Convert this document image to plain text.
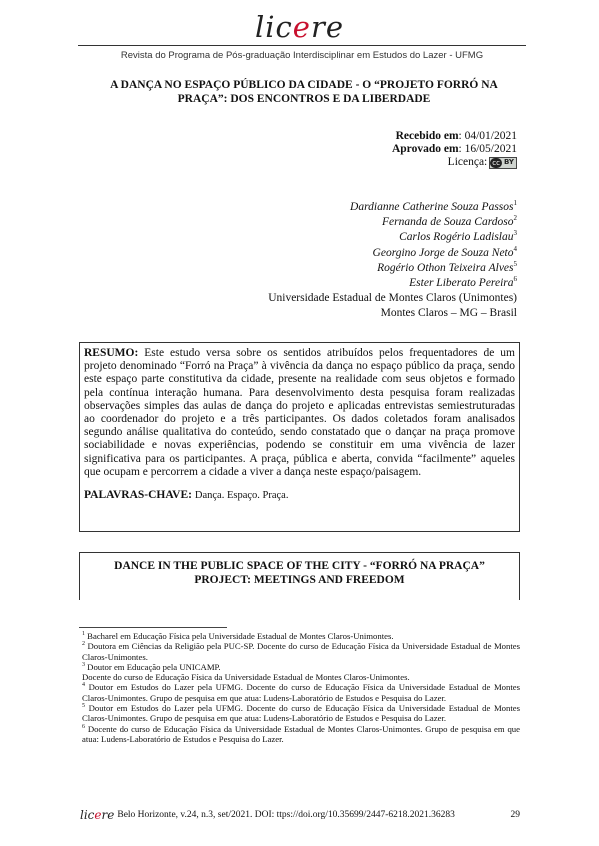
licere
Revista do Programa de Pós-graduação Interdisciplinar em Estudos do Lazer - UFMG
A DANÇA NO ESPAÇO PÚBLICO DA CIDADE - O “PROJETO FORRÓ NA
PRAÇA”: DOS ENCONTROS E DA LIBERDADE
Recebido em: 04/01/2021
Aprovado em: 16/05/2021
Licença: cc BY
Dardianne Catherine Souza Passos$^1$
Fernanda de Souza Cardoso$^2$
Carlos Rogério Ladislau$^3$
Georgino Jorge de Souza Neto$^4$
Rogério Othon Teixeira Alves$^5$
Ester Liberato Pereira$^6$
Universidade Estadual de Montes Claros (Unimontes)
Montes Claros – MG – Brasil
RESUMO: Este estudo versa sobre os sentidos atribuídos pelos frequentadores de um projeto denominado “Forró na Praça” à vivência da dança no espaço público da praça, sendo este espaço parte constitutiva da cidade, presente na realidade com seus objetos e formado pela contínua interação humana. Para desenvolvimento desta pesquisa foram realizadas observações simples das aulas de dança do projeto e aplicadas entrevistas semiestruturadas ao coordenador do projeto e a três participantes. Os dados coletados foram analisados segundo análise qualitativa do conteúdo, sendo constatado que o dançar na praça promove sociabilidade e novas experiências, podendo se constituir em uma vivência de lazer significativa para os participantes. A praça, pública e aberta, convida “facilmente” aqueles que ocupam e percorrem a cidade a viver a dança neste espaço/paisagem.
PALAVRAS-CHAVE: Dança. Espaço. Praça.
DANCE IN THE PUBLIC SPACE OF THE CITY - “FORRÓ NA PRAÇA”
PROJECT: MEETINGS AND FREEDOM
$^1$ Bacharel em Educação Física pela Universidade Estadual de Montes Claros-Unimontes.
$^2$ Doutora em Ciências da Religião pela PUC-SP. Docente do curso de Educação Física da Universidade Estadual de Montes Claros-Unimontes.
$^3$ Doutor em Educação pela UNICAMP.
Docente do curso de Educação Física da Universidade Estadual de Montes Claros-Unimontes.
$^4$ Doutor em Estudos do Lazer pela UFMG. Docente do curso de Educação Física da Universidade Estadual de Montes Claros-Unimontes. Grupo de pesquisa em que atua: Ludens-Laboratório de Estudos e Pesquisa do Lazer.
$^5$ Doutor em Estudos do Lazer pela UFMG. Docente do curso de Educação Física da Universidade Estadual de Montes Claros-Unimontes. Grupo de pesquisa em que atua: Ludens-Laboratório de Estudos e Pesquisa do Lazer.
$^6$ Docente do curso de Educação Física da Universidade Estadual de Montes Claros-Unimontes. Grupo de pesquisa em que atua: Ludens-Laboratório de Estudos e Pesquisa do Lazer.
licere Belo Horizonte, v.24, n.3, set/2021. DOI: ttps://doi.org/10.35699/2447-6218.2021.36283	29
